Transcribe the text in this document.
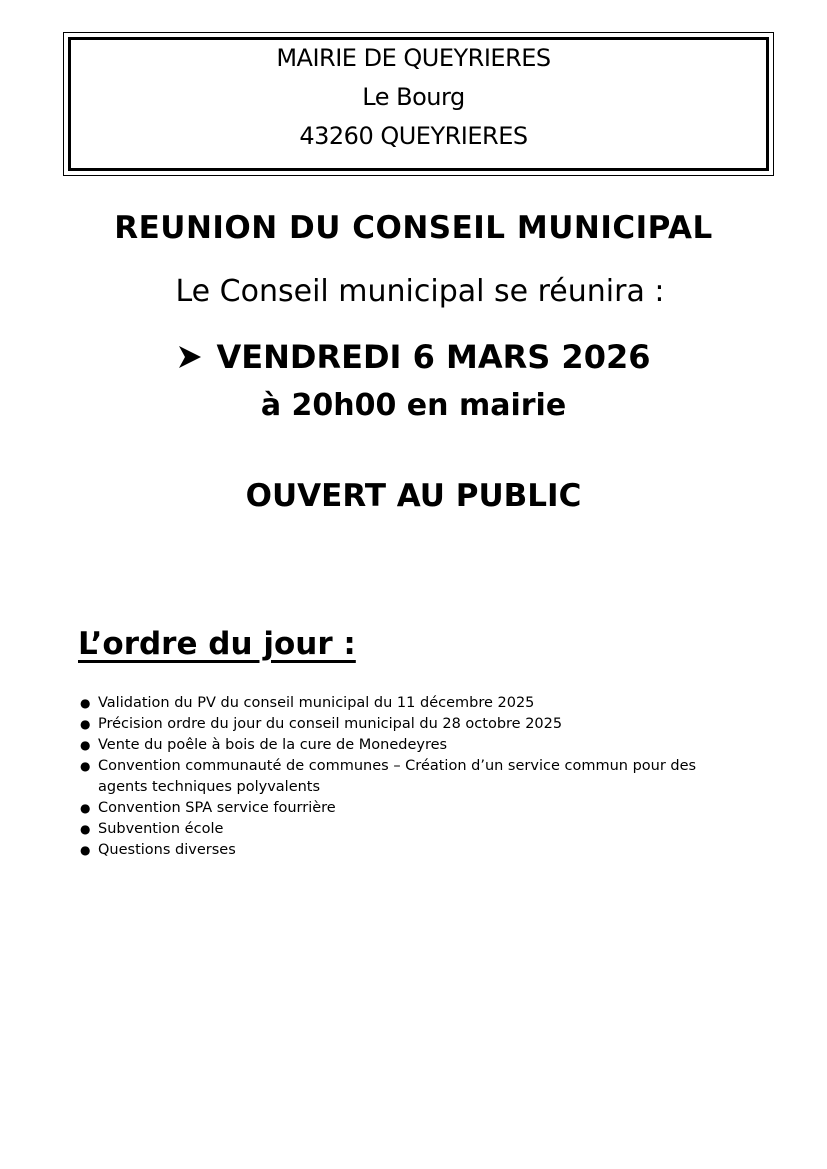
MAIRIE DE QUEYRIERES
Le Bourg
43260 QUEYRIERES
REUNION DU CONSEIL MUNICIPAL
Le Conseil municipal se réunira :
VENDREDI 6 MARS 2026
à 20h00 en mairie
OUVERT AU PUBLIC
L’ordre du jour :
● Validation du PV du conseil municipal du 11 décembre 2025
● Précision ordre du jour du conseil municipal du 28 octobre 2025
● Vente du poêle à bois de la cure de Monedeyres
● Convention communauté de communes – Création d’un service commun pour des agents techniques polyvalents
● Convention SPA service fourrière
● Subvention école
● Questions diverses
